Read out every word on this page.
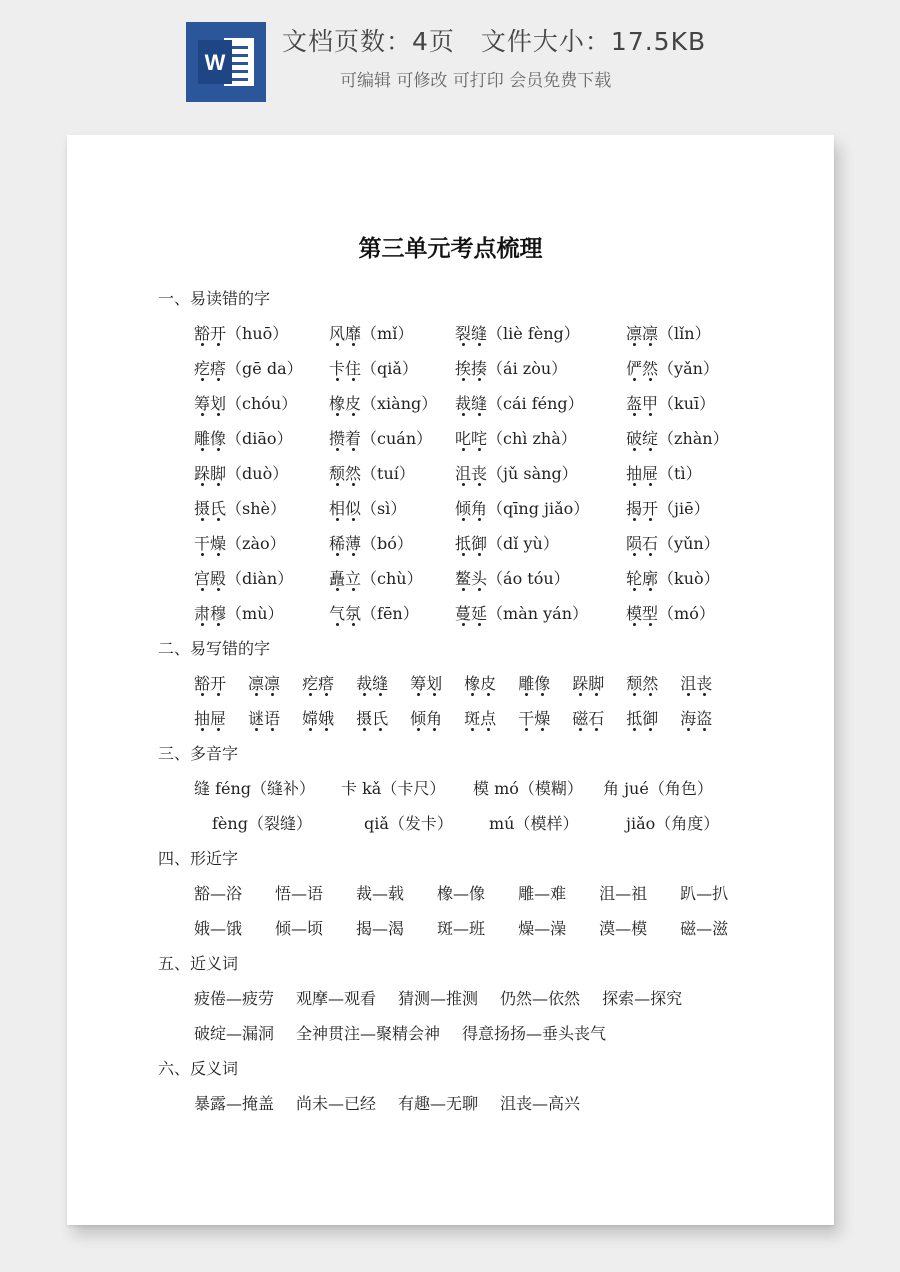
W
文档页数：4页　文件大小：17.5KB
可编辑 可修改 可打印 会员免费下载
第三单元考点梳理
一、易读错的字
豁开（huō）	风靡（mǐ）	裂缝（liè fèng）	凛凛（lǐn）
疙瘩（gē da） 卡住（qiǎ） 挨揍（ái zòu）	俨然（yǎn）
筹划（chóu） 橡皮（xiàng） 裁缝（cái féng）	盔甲（kuī）
雕像（diāo） 攒着（cuán） 叱咤（chì zhà）	破绽（zhàn）
跺脚（duò）	颓然（tuí）	沮丧（jǔ sàng）	抽屉（tì）
摄氏（shè）	相似（sì）	倾角（qīng jiǎo） 揭开（jiē）
干燥（zào）	稀薄（bó）	抵御（dǐ yù）	陨石（yǔn）
宫殿（diàn） 矗立（chù） 鳌头（áo tóu）	轮廓（kuò）
肃穆（mù）	气氛（fēn） 蔓延（màn yán） 模型（mó）
二、易写错的字
豁开 凛凛 疙瘩 裁缝 筹划 橡皮 雕像 跺脚 颓然 沮丧
抽屉 谜语 嫦娥 摄氏 倾角 斑点 干燥 磁石 抵御 海盗
三、多音字
缝 féng（缝补） 卡 kǎ（卡尺） 模 mó（模糊） 角 jué（角色）
fèng（裂缝）	qiǎ（发卡） mú（模样）	jiǎo（角度）
四、形近字
豁—浴 悟—语 裁—载 橡—像 雕—难 沮—祖 趴—扒
娥—饿 倾—顷 揭—渴 斑—班 燥—澡 漠—模 磁—滋
五、近义词
疲倦—疲劳 观摩—观看 猜测—推测 仍然—依然 探索—探究
破绽—漏洞 全神贯注—聚精会神 得意扬扬—垂头丧气
六、反义词
暴露—掩盖 尚未—已经 有趣—无聊 沮丧—高兴
